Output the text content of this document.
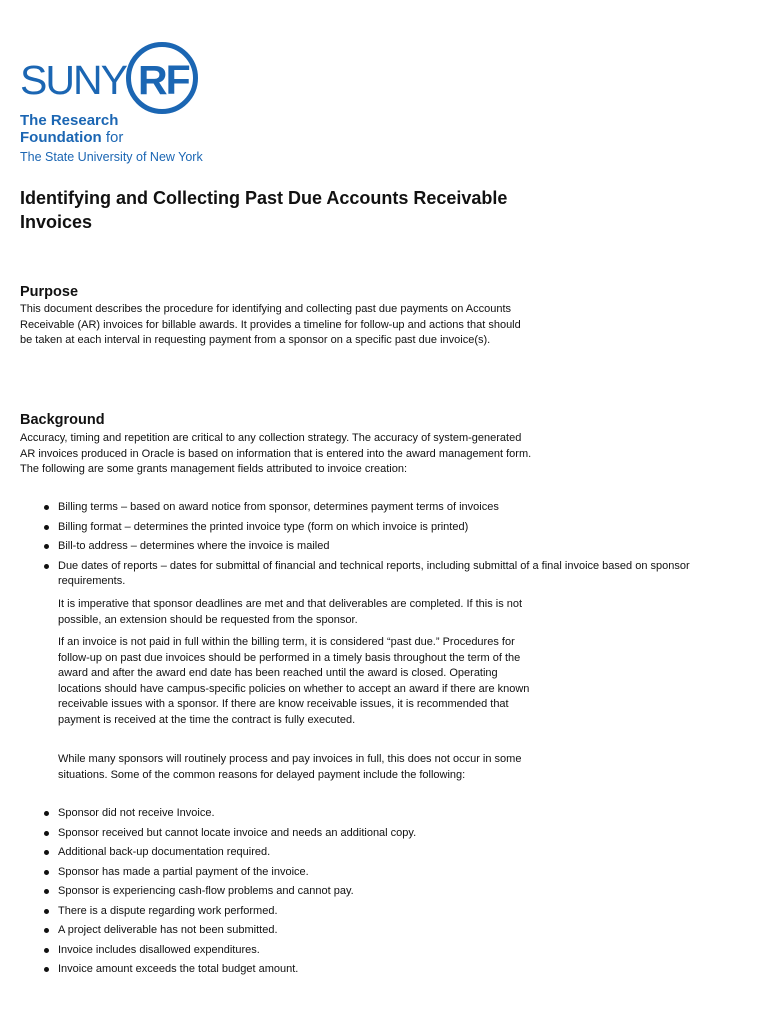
SUNY RF
The Research
Foundation for
The State University of New York
Identifying and Collecting Past Due Accounts Receivable Invoices
Purpose

This document describes the procedure for identifying and collecting past due payments on Accounts Receivable (AR) invoices for billable awards. It provides a timeline for follow-up and actions that should be taken at each interval in requesting payment from a sponsor on a specific past due invoice(s).

Background

Accuracy, timing and repetition are critical to any collection strategy. The accuracy of system-generated AR invoices produced in Oracle is based on information that is entered into the award management form. The following are some grants management fields attributed to invoice creation:

Billing terms – based on award notice from sponsor, determines payment terms of invoices
Billing format – determines the printed invoice type (form on which invoice is printed)
Bill-to address – determines where the invoice is mailed
Due dates of reports – dates for submittal of financial and technical reports, including submittal of a final invoice based on sponsor requirements.

It is imperative that sponsor deadlines are met and that deliverables are completed. If this is not possible, an extension should be requested from the sponsor.

If an invoice is not paid in full within the billing term, it is considered “past due.” Procedures for follow-up on past due invoices should be performed in a timely basis throughout the term of the award and after the award end date has been reached until the award is closed. Operating locations should have campus-specific policies on whether to accept an award if there are known receivable issues with a sponsor. If there are know receivable issues, it is recommended that payment is received at the time the contract is fully executed.

While many sponsors will routinely process and pay invoices in full, this does not occur in some situations. Some of the common reasons for delayed payment include the following:

Sponsor did not receive Invoice.
Sponsor received but cannot locate invoice and needs an additional copy.
Additional back-up documentation required.
Sponsor has made a partial payment of the invoice.
Sponsor is experiencing cash-flow problems and cannot pay.
There is a dispute regarding work performed.
A project deliverable has not been submitted.
Invoice includes disallowed expenditures.
Invoice amount exceeds the total budget amount.
